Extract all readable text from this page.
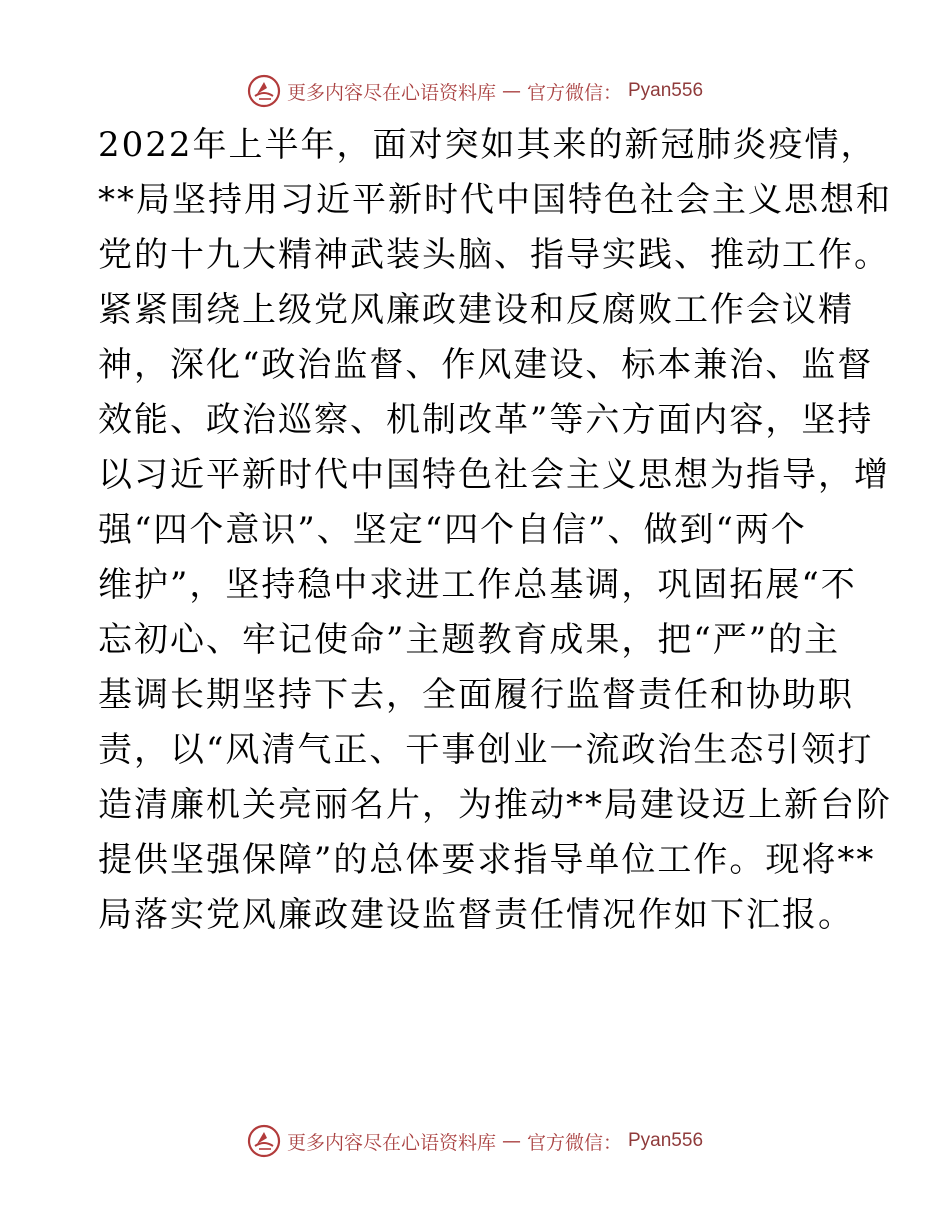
更多内容尽在心语资料库 — 官方微信： Pyan556
2022年上半年，面对突如其来的新冠肺炎疫情，
**局坚持用习近平新时代中国特色社会主义思想和
党的十九大精神武装头脑、指导实践、推动工作。
紧紧围绕上级党风廉政建设和反腐败工作会议精
神，深化“政治监督、作风建设、标本兼治、监督
效能、政治巡察、机制改革”等六方面内容，坚持
以习近平新时代中国特色社会主义思想为指导，增
强“四个意识”、坚定“四个自信”、做到“两个
维护”，坚持稳中求进工作总基调，巩固拓展“不
忘初心、牢记使命”主题教育成果，把“严”的主
基调长期坚持下去，全面履行监督责任和协助职
责，以“风清气正、干事创业一流政治生态引领打
造清廉机关亮丽名片，为推动**局建设迈上新台阶
提供坚强保障”的总体要求指导单位工作。现将**
局落实党风廉政建设监督责任情况作如下汇报。
更多内容尽在心语资料库 — 官方微信： Pyan556
